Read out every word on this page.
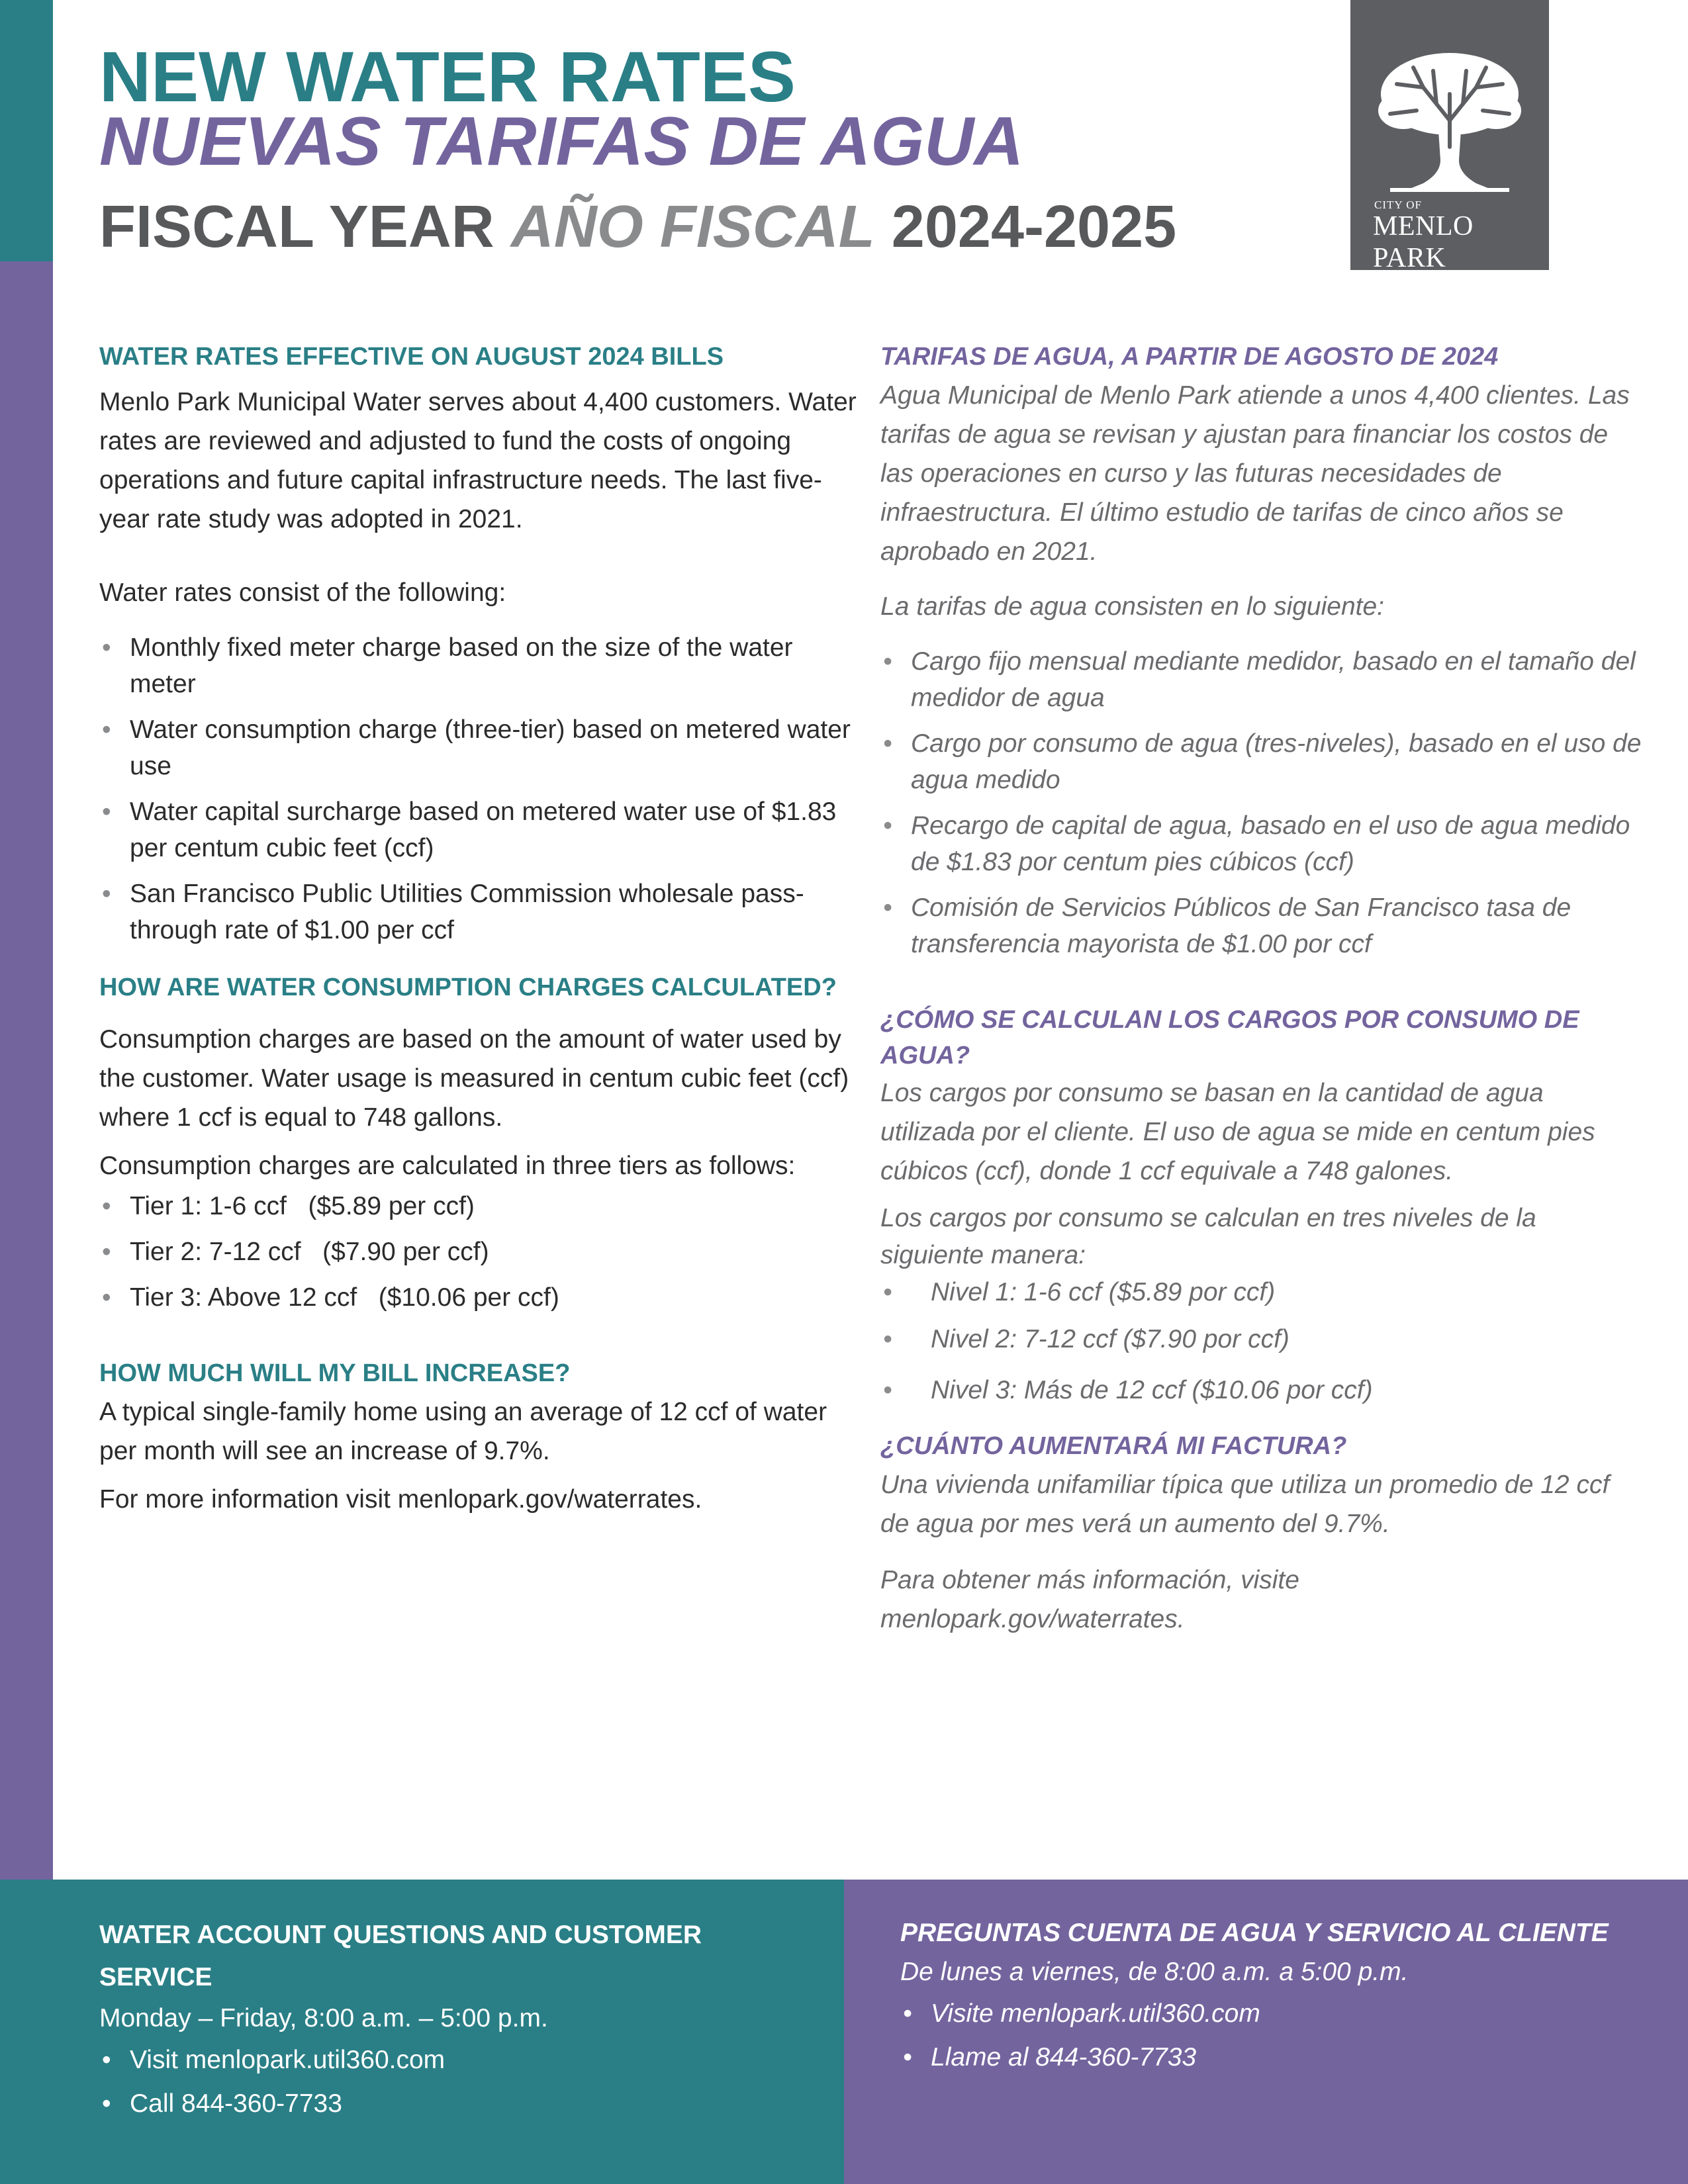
NEW WATER RATES
NUEVAS TARIFAS DE AGUA
FISCAL YEAR AÑO FISCAL 2024-2025	CITY OF
MENLO PARK

WATER RATES EFFECTIVE ON AUGUST 2024 BILLS

Menlo Park Municipal Water serves about 4,400 customers. Water rates are reviewed and adjusted to fund the costs of ongoing operations and future capital infrastructure needs. The last five-year rate study was adopted in 2021.

Water rates consist of the following:

• Monthly fixed meter charge based on the size of the water meter
• Water consumption charge (three-tier) based on metered water use
• Water capital surcharge based on metered water use of $1.83 per centum cubic feet (ccf)
• San Francisco Public Utilities Commission wholesale pass-through rate of $1.00 per ccf

HOW ARE WATER CONSUMPTION CHARGES CALCULATED?

Consumption charges are based on the amount of water used by the customer. Water usage is measured in centum cubic feet (ccf) where 1 ccf is equal to 748 gallons.

Consumption charges are calculated in three tiers as follows:

• Tier 1: 1-6 ccf   ($5.89 per ccf)
• Tier 2: 7-12 ccf   ($7.90 per ccf)
• Tier 3: Above 12 ccf   ($10.06 per ccf)

HOW MUCH WILL MY BILL INCREASE?

A typical single-family home using an average of 12 ccf of water per month will see an increase of 9.7%.

For more information visit menlopark.gov/waterrates.

TARIFAS DE AGUA, A PARTIR DE AGOSTO DE 2024

Agua Municipal de Menlo Park atiende a unos 4,400 clientes. Las tarifas de agua se revisan y ajustan para financiar los costos de las operaciones en curso y las futuras necesidades de infraestructura. El último estudio de tarifas de cinco años se aprobado en 2021.

La tarifas de agua consisten en lo siguiente:

• Cargo fijo mensual mediante medidor, basado en el tamaño del medidor de agua
• Cargo por consumo de agua (tres-niveles), basado en el uso de agua medido
• Recargo de capital de agua, basado en el uso de agua medido de $1.83 por centum pies cúbicos (ccf)
• Comisión de Servicios Públicos de San Francisco tasa de transferencia mayorista de $1.00 por ccf

¿CÓMO SE CALCULAN LOS CARGOS POR CONSUMO DE AGUA?

Los cargos por consumo se basan en la cantidad de agua utilizada por el cliente. El uso de agua se mide en centum pies cúbicos (ccf), donde 1 ccf equivale a 748 galones.

Los cargos por consumo se calculan en tres niveles de la siguiente manera:

• Nivel 1: 1-6 ccf ($5.89 por ccf)
• Nivel 2: 7-12 ccf ($7.90 por ccf)
• Nivel 3: Más de 12 ccf ($10.06 por ccf)

¿CUÁNTO AUMENTARÁ MI FACTURA?

Una vivienda unifamiliar típica que utiliza un promedio de 12 ccf de agua por mes verá un aumento del 9.7%.

Para obtener más información, visite menlopark.gov/waterrates.

WATER ACCOUNT QUESTIONS AND CUSTOMER SERVICE

Monday – Friday, 8:00 a.m. – 5:00 p.m.

• Visit menlopark.util360.com
• Call 844-360-7733

PREGUNTAS CUENTA DE AGUA Y SERVICIO AL CLIENTE

De lunes a viernes, de 8:00 a.m. a 5:00 p.m.

• Visite menlopark.util360.com
• Llame al 844-360-7733
